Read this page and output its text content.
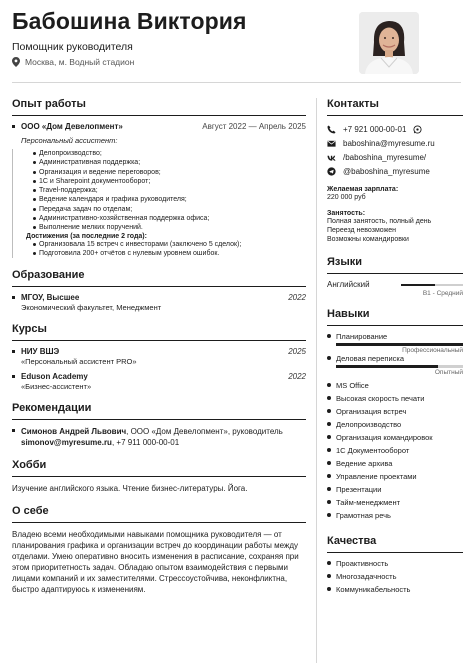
Бабошина Виктория
Помощник руководителя
Москва, м. Водный стадион
Опыт работы
ООО «Дом Девелопмент»	Август 2022 — Апрель 2025
Персональный ассистент:
Делопроизводство;
Административная поддержка;
Организация и ведение переговоров;
1С и Sharepoint документооборот;
Travel-поддержка;
Ведение календаря и графика руководителя;
Передача задач по отделам;
Административно-хозяйственная поддержка офиса;
Выполнение мелких поручений.
Достижения (за последние 2 года):
Организовала 15 встреч с инвесторами (заключено 5 сделок);
Подготовила 200+ отчётов с нулевым уровнем ошибок.
Образование
МГОУ, Высшее	2022
Экономический факультет, Менеджмент
Курсы
НИУ ВШЭ	2025
«Персональный ассистент PRO»
Eduson Academy	2022
«Бизнес-ассистент»
Рекомендации
Симонов Андрей Львович, ООО «Дом Девелопмент», руководитель
simonov@myresume.ru, +7 911 000-00-01
Хобби
Изучение английского языка. Чтение бизнес-литературы. Йога.
О себе
Владею всеми необходимыми навыками помощника руководителя — от планирования графика и организации встреч до координации работы между отделами. Умею оперативно вносить изменения в расписание, сохраняя при этом приоритетность задач. Обладаю опытом взаимодействия с первыми лицами компаний и их заместителями. Стрессоустойчива, неконфликтна, быстро адаптируюсь к изменениям.
Контакты
+7 921 000-00-01
baboshina@myresume.ru
/baboshina_myresume/
@baboshina_myresume
Желаемая зарплата:
220 000 руб
Занятость:
Полная занятость, полный день
Переезд невозможен
Возможны командировки
Языки
Английский
B1 - Средний
Навыки
Планирование
Профессиональный
Деловая переписка
Опытный
MS Office
Высокая скорость печати
Организация встреч
Делопроизводство
Организация командировок
1С Документооборот
Ведение архива
Управление проектами
Презентации
Тайм-менеджмент
Грамотная речь
Качества
Проактивность
Многозадачность
Коммуникабельность
